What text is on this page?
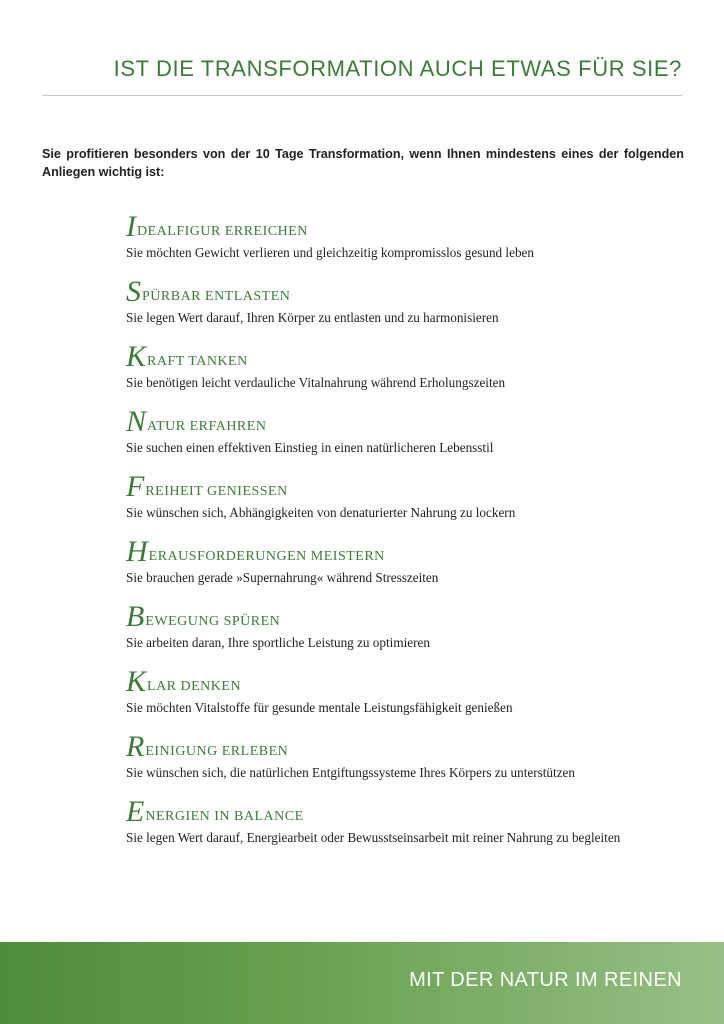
IST DIE TRANSFORMATION AUCH ETWAS FÜR SIE?

Sie profitieren besonders von der 10 Tage Transformation, wenn Ihnen mindestens eines der folgenden Anliegen wichtig ist:

I DEALFIGUR ERREICHEN
Sie möchten Gewicht verlieren und gleichzeitig kompromisslos gesund leben
S PÜRBAR ENTLASTEN
Sie legen Wert darauf, Ihren Körper zu entlasten und zu harmonisieren
K RAFT TANKEN
Sie benötigen leicht verdauliche Vitalnahrung während Erholungszeiten
N ATUR ERFAHREN
Sie suchen einen effektiven Einstieg in einen natürlicheren Lebensstil
F REIHEIT GENIESSEN
Sie wünschen sich, Abhängigkeiten von denaturierter Nahrung zu lockern
H ERAUSFORDERUNGEN MEISTERN
Sie brauchen gerade »Supernahrung« während Stresszeiten
B EWEGUNG SPÜREN
Sie arbeiten daran, Ihre sportliche Leistung zu optimieren
K LAR DENKEN
Sie möchten Vitalstoffe für gesunde mentale Leistungsfähigkeit genießen
R EINIGUNG ERLEBEN
Sie wünschen sich, die natürlichen Entgiftungssysteme Ihres Körpers zu unterstützen
E NERGIEN IN BALANCE
Sie legen Wert darauf, Energiearbeit oder Bewusstseinsarbeit mit reiner Nahrung zu begleiten
MIT DER NATUR IM REINEN
